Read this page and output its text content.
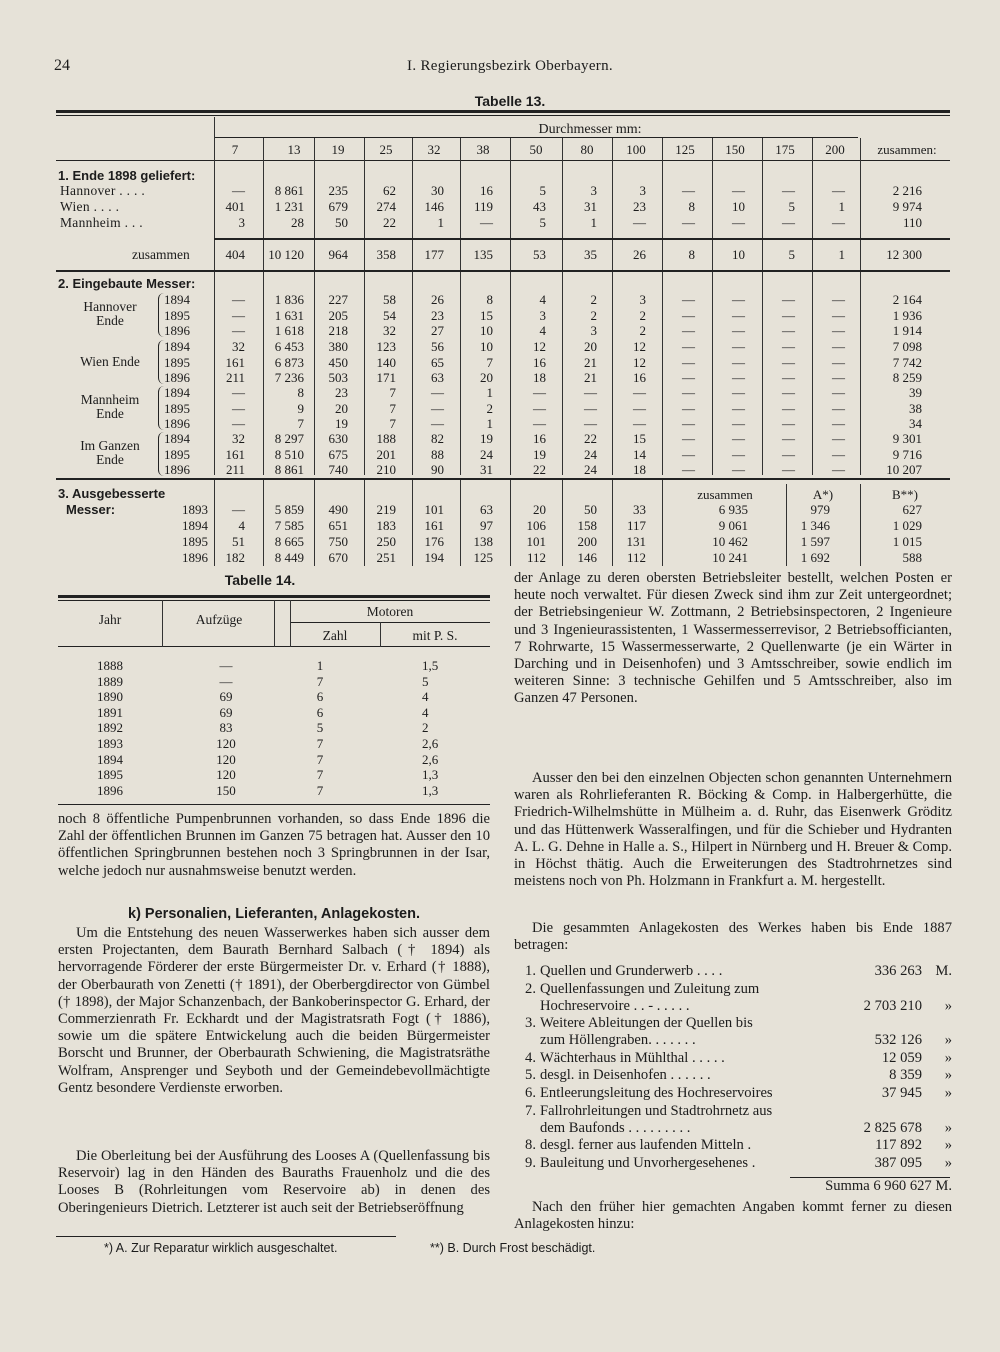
24	I. Regierungsbezirk Oberbayern.
Tabelle 13.
Durchmesser mm:
7	13	19	25	32	38	50	80	100	125	150	175	200	zusammen:
1. Ende 1898 geliefert:
Hannover . . . .	—	8 861	235	62	30	16	5	3	3	—	—	—	—	2 216
Wien . . . .	401	1 231	679	274	146	119	43	31	23	8	10	5	1	9 974
Mannheim . . .	3	28	50	22	1	—	5	1	—	—	—	—	—	110
zusammen	404	10 120	964	358	177	135	53	35	26	8	10	5	1	12 300
2. Eingebaute Messer:
Hannover
Ende
1894	—	1 836	227	58	26	8	4	2	3	—	—	—	—	2 164
1895	—	1 631	205	54	23	15	3	2	2	—	—	—	—	1 936
1896	—	1 618	218	32	27	10	4	3	2	—	—	—	—	1 914
Wien Ende
1894	32	6 453	380	123	56	10	12	20	12	—	—	—	—	7 098
1895	161	6 873	450	140	65	7	16	21	12	—	—	—	—	7 742
1896	211	7 236	503	171	63	20	18	21	16	—	—	—	—	8 259
Mannheim
Ende
1894	—	8	23	7	—	1	—	—	—	—	—	—	—	39
1895	—	9	20	7	—	2	—	—	—	—	—	—	—	38
1896	—	7	19	7	—	1	—	—	—	—	—	—	—	34
Im Ganzen
Ende
1894	32	8 297	630	188	82	19	16	22	15	—	—	—	—	9 301
1895	161	8 510	675	201	88	24	19	24	14	—	—	—	—	9 716
1896	211	8 861	740	210	90	31	22	24	18	—	—	—	—	10 207
3. Ausgebesserte
Messer:
zusammen	A*)	B**)
1893	—	5 859	490	219	101	63	20	50	33	6 935	979	627
1894	4	7 585	651	183	161	97	106	158	117	9 061	1 346	1 029
1895	51	8 665	750	250	176	138	101	200	131	10 462	1 597	1 015
1896	182	8 449	670	251	194	125	112	146	112	10 241	1 692	588
Tabelle 14.
Jahr	Aufzüge
Motoren
Zahl	mit P. S.
1888	—	1	1,5
1889	—	7	5
1890	69	6	4
1891	69	6	4
1892	83	5	2
1893	120	7	2,6
1894	120	7	2,6
1895	120	7	1,3
1896	150	7	1,3
noch 8 öffentliche Pumpenbrunnen vorhanden, so dass Ende 1896 die Zahl der öffentlichen Brunnen im Ganzen 75 betragen hat. Ausser den 10 öffentlichen Springbrunnen bestehen noch 3 Springbrunnen in der Isar, welche jedoch nur ausnahmsweise benutzt werden.
k) Personalien, Lieferanten, Anlagekosten.
Um die Entstehung des neuen Wasserwerkes haben sich ausser dem ersten Projectanten, dem Baurath Bernhard Salbach († 1894) als hervorragende Förderer der erste Bürgermeister Dr. v. Erhard († 1888), der Oberbaurath von Zenetti († 1891), der Oberbergdirector von Gümbel († 1898), der Major Schanzenbach, der Bankoberinspector G. Erhard, der Commerzienrath Fr. Eckhardt und der Magistratsrath Fogt († 1886), sowie um die spätere Entwickelung auch die beiden Bürgermeister Borscht und Brunner, der Oberbaurath Schwiening, die Magistratsräthe Wolfram, Ansprenger und Seyboth und der Gemeindebevollmächtigte Gentz besondere Verdienste erworben.
Die Oberleitung bei der Ausführung des Looses A (Quellenfassung bis Reservoir) lag in den Händen des Bauraths Frauenholz und die des Looses B (Rohrleitungen vom Reservoire ab) in denen des Oberingenieurs Dietrich. Letzterer ist auch seit der Betriebseröffnung
der Anlage zu deren obersten Betriebsleiter bestellt, welchen Posten er heute noch verwaltet. Für diesen Zweck sind ihm zur Zeit untergeordnet; der Betriebsingenieur W. Zottmann, 2 Betriebsinspectoren, 2 Ingenieure und 3 Ingenieurassistenten, 1 Wassermesserrevisor, 2 Betriebsofficianten, 7 Rohrwarte, 15 Wassermesserwarte, 2 Quellenwarte (je ein Wärter in Darching und in Deisenhofen) und 3 Amtsschreiber, sowie endlich im weiteren Sinne: 3 technische Gehilfen und 5 Amtsschreiber, also im Ganzen 47 Personen.
Ausser den bei den einzelnen Objecten schon genannten Unternehmern waren als Rohrlieferanten R. Böcking & Comp. in Halbergerhütte, die Friedrich-Wilhelmshütte in Mülheim a. d. Ruhr, das Eisenwerk Gröditz und das Hüttenwerk Wasseralfingen, und für die Schieber und Hydranten A. L. G. Dehne in Halle a. S., Hilpert in Nürnberg und H. Breuer & Comp. in Höchst thätig. Auch die Erweiterungen des Stadtrohrnetzes sind meistens noch von Ph. Holzmann in Frankfurt a. M. hergestellt.
Die gesammten Anlagekosten des Werkes haben bis Ende 1887 betragen:
1. Quellen und Grunderwerb . . . .	336 263 M.
2. Quellenfassungen und Zuleitung zum
Hochreservoire . . - . . . . .	2 703 210	»
3. Weitere Ableitungen der Quellen bis
zum Höllengraben. . . . . . .	532 126	»
4. Wächterhaus in Mühlthal . . . . .	12 059	»
5. desgl. in Deisenhofen . . . . . .	8 359	»
6. Entleerungsleitung des Hochreservoires	37 945	»
7. Fallrohrleitungen und Stadtrohrnetz aus
dem Baufonds . . . . . . . . .	2 825 678	»
8. desgl. ferner aus laufenden Mitteln .	117 892	»
9. Bauleitung und Unvorhergesehenes .	387 095	»
Summa 6 960 627 M.
Nach den früher hier gemachten Angaben kommt ferner zu diesen Anlagekosten hinzu:
*) A. Zur Reparatur wirklich ausgeschaltet.	**) B. Durch Frost beschädigt.
